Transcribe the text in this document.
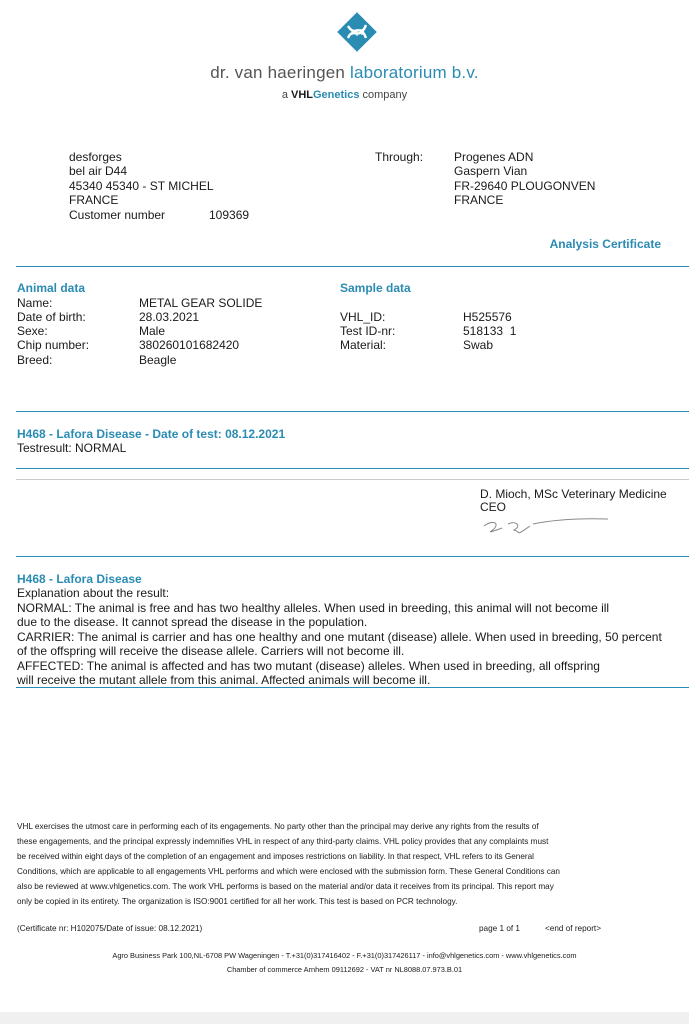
dr. van haeringen laboratorium b.v.
a VHLGenetics company
desforges
bel air D44
45340 45340 - ST MICHEL
FRANCE
Customer number	109369
Through:	Progenes ADN
Gaspern Vian
FR-29640 PLOUGONVEN
FRANCE
Analysis Certificate
Animal data
Name:	METAL GEAR SOLIDE
Date of birth:	28.03.2021
Sexe:	Male
Chip number:	380260101682420
Breed:	Beagle
Sample data
VHL_ID:	H525576
Test ID-nr:	518133  1
Material:	Swab
H468 - Lafora Disease - Date of test: 08.12.2021
Testresult: NORMAL
D. Mioch, MSc Veterinary Medicine
CEO
H468 - Lafora Disease
Explanation about the result:
NORMAL: The animal is free and has two healthy alleles. When used in breeding, this animal will not become ill
due to the disease. It cannot spread the disease in the population.
CARRIER: The animal is carrier and has one healthy and one mutant (disease) allele. When used in breeding, 50 percent
of the offspring will receive the disease allele. Carriers will not become ill.
AFFECTED: The animal is affected and has two mutant (disease) alleles. When used in breeding, all offspring
will receive the mutant allele from this animal. Affected animals will become ill.
VHL exercises the utmost care in performing each of its engagements. No party other than the principal may derive any rights from the results of
these engagements, and the principal expressly indemnifies VHL in respect of any third-party claims. VHL policy provides that any complaints must
be received within eight days of the completion of an engagement and imposes restrictions on liability. In that respect, VHL refers to its General
Conditions, which are applicable to all engagements VHL performs and which were enclosed with the submission form. These General Conditions can
also be reviewed at www.vhlgenetics.com. The work VHL performs is based on the material and/or data it receives from its principal. This report may
only be copied in its entirety. The organization is ISO:9001 certified for all her work. This test is based on PCR technology.
(Certificate nr: H102075/Date of issue: 08.12.2021)	page 1 of 1	<end of report>
Agro Business Park 100,NL-6708 PW Wageningen - T.+31(0)317416402 - F.+31(0)317426117 - info@vhlgenetics.com - www.vhlgenetics.com
Chamber of commerce Arnhem 09112692 - VAT nr NL8088.07.973.B.01
